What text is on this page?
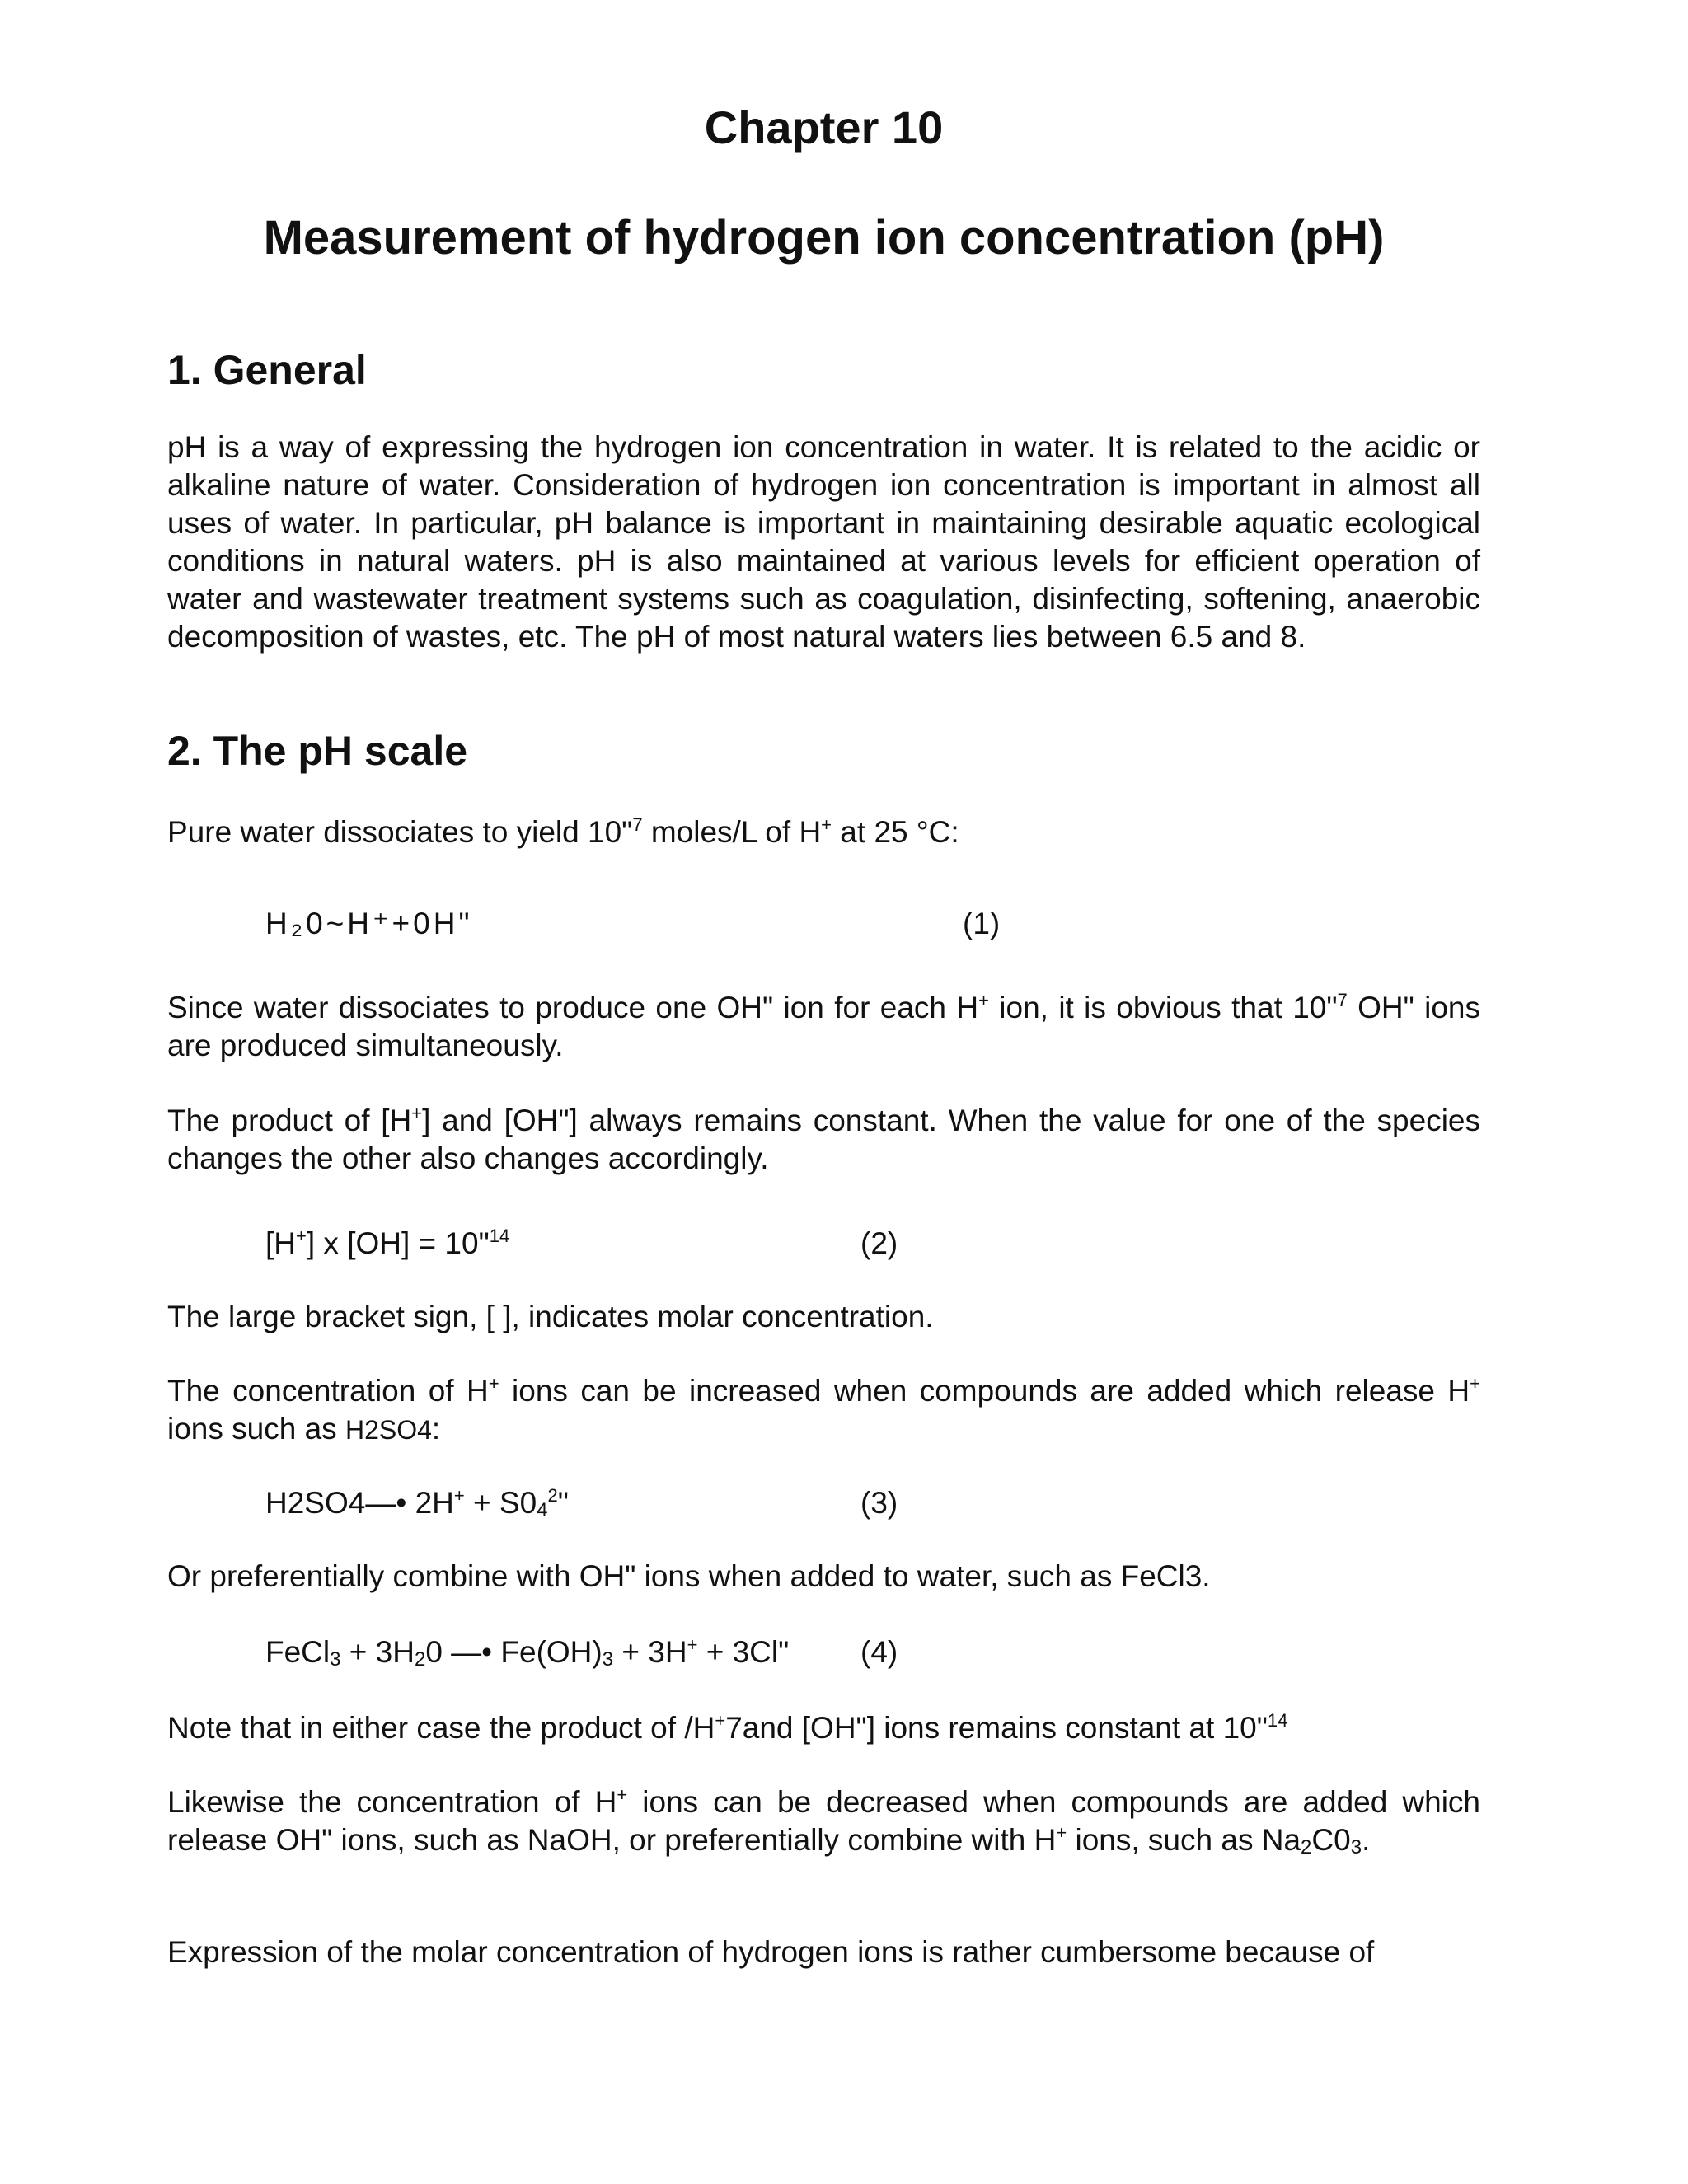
Chapter 10
Measurement of hydrogen ion concentration (pH)
1. General

pH is a way of expressing the hydrogen ion concentration in water. It is related to the acidic or alkaline nature of water. Consideration of hydrogen ion concentration is important in almost all uses of water. In particular, pH balance is important in maintaining desirable aquatic ecological conditions in natural waters. pH is also maintained at various levels for efficient operation of water and wastewater treatment systems such as coagulation, disinfecting, softening, anaerobic decomposition of wastes, etc. The pH of most natural waters lies between 6.5 and 8.

2. The pH scale

Pure water dissociates to yield 10"$^7$ moles/L of H+ at 25 °C:

H₂0~H⁺+0H"	(1)

Since water dissociates to produce one OH" ion for each H+ ion, it is obvious that 10"$^7$ OH" ions are produced simultaneously.

The product of [H+] and [OH"] always remains constant. When the value for one of the species changes the other also changes accordingly.

[H+] x [OH] = 10"$^{14}$	(2)

The large bracket sign, [ ], indicates molar concentration.

The concentration of H+ ions can be increased when compounds are added which release H+ ions such as H2SO4:

H2SO4—• $2H^+ + S0_4^2$"	(3)

Or preferentially combine with OH" ions when added to water, such as FeCl3.

FeCl$_3$ + $3H_20$ —• $Fe(OH)_3 + 3H^+ + 3Cl$" (4)

Note that in either case the product of /H+7and [OH"] ions remains constant at 10"$^{14}$

Likewise the concentration of H+ ions can be decreased when compounds are added which release OH" ions, such as NaOH, or preferentially combine with H+ ions, such as $Na_2C0_3$.

Expression of the molar concentration of hydrogen ions is rather cumbersome because of
